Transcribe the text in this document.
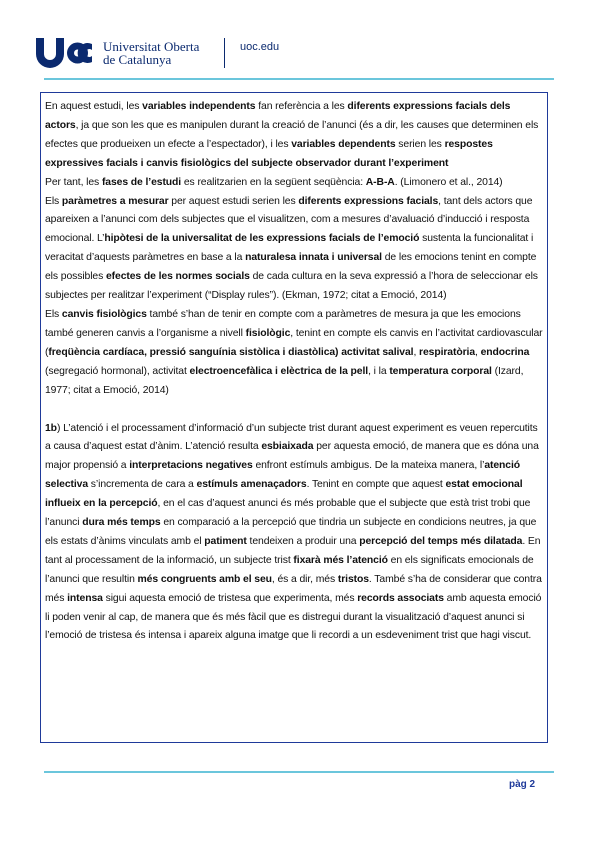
Universitat Oberta
de Catalunya
uoc.edu

En aquest estudi, les variables independents fan referència a les diferents expressions facials dels actors, ja que son les que es manipulen durant la creació de l’anunci (és a dir, les causes que determinen els efectes que produeixen un efecte a l’espectador), i les variables dependents serien les respostes expressives facials i canvis fisiològics del subjecte observador durant l’experiment

Per tant, les fases de l’estudi es realitzarien en la següent seqüència: A-B-A. (Limonero et al., 2014)

Els paràmetres a mesurar per aquest estudi serien les diferents expressions facials, tant dels actors que apareixen a l’anunci com dels subjectes que el visualitzen, com a mesures d’avaluació d’inducció i resposta emocional. L’hipòtesi de la universalitat de les expressions facials de l’emoció sustenta la funcionalitat i veracitat d’aquests paràmetres en base a la naturalesa innata i universal de les emocions tenint en compte els possibles efectes de les normes socials de cada cultura en la seva expressió a l’hora de seleccionar els subjectes per realitzar l’experiment (“Display rules”). (Ekman, 1972; citat a Emoció, 2014)

Els canvis fisiològics també s’han de tenir en compte com a paràmetres de mesura ja que les emocions també generen canvis a l’organisme a nivell fisiològic, tenint en compte els canvis en l’activitat cardiovascular (freqüència cardíaca, pressió sanguínia sistòlica i diastòlica) activitat salival, respiratòria, endocrina (segregació hormonal), activitat electroencefàlica i elèctrica de la pell, i la temperatura corporal (Izard, 1977; citat a Emoció, 2014)

1b) L’atenció i el processament d’informació d’un subjecte trist durant aquest experiment es veuen repercutits a causa d’aquest estat d’ànim. L’atenció resulta esbiaixada per aquesta emoció, de manera que es dóna una major propensió a interpretacions negatives enfront estímuls ambigus. De la mateixa manera, l’atenció selectiva s’incrementa de cara a estímuls amenaçadors. Tenint en compte que aquest estat emocional influeix en la percepció, en el cas d’aquest anunci és més probable que el subjecte que està trist trobi que l’anunci dura més temps en comparació a la percepció que tindria un subjecte en condicions neutres, ja que els estats d’ànims vinculats amb el patiment tendeixen a produir una percepció del temps més dilatada. En tant al processament de la informació, un subjecte trist fixarà més l’atenció en els significats emocionals de l’anunci que resultin més congruents amb el seu, és a dir, més tristos. També s’ha de considerar que contra més intensa sigui aquesta emoció de tristesa que experimenta, més records associats amb aquesta emoció li poden venir al cap, de manera que és més fàcil que es distregui durant la visualització d’aquest anunci si l’emoció de tristesa és intensa i apareix alguna imatge que li recordi a un esdeveniment trist que hagi viscut.

pàg 2
